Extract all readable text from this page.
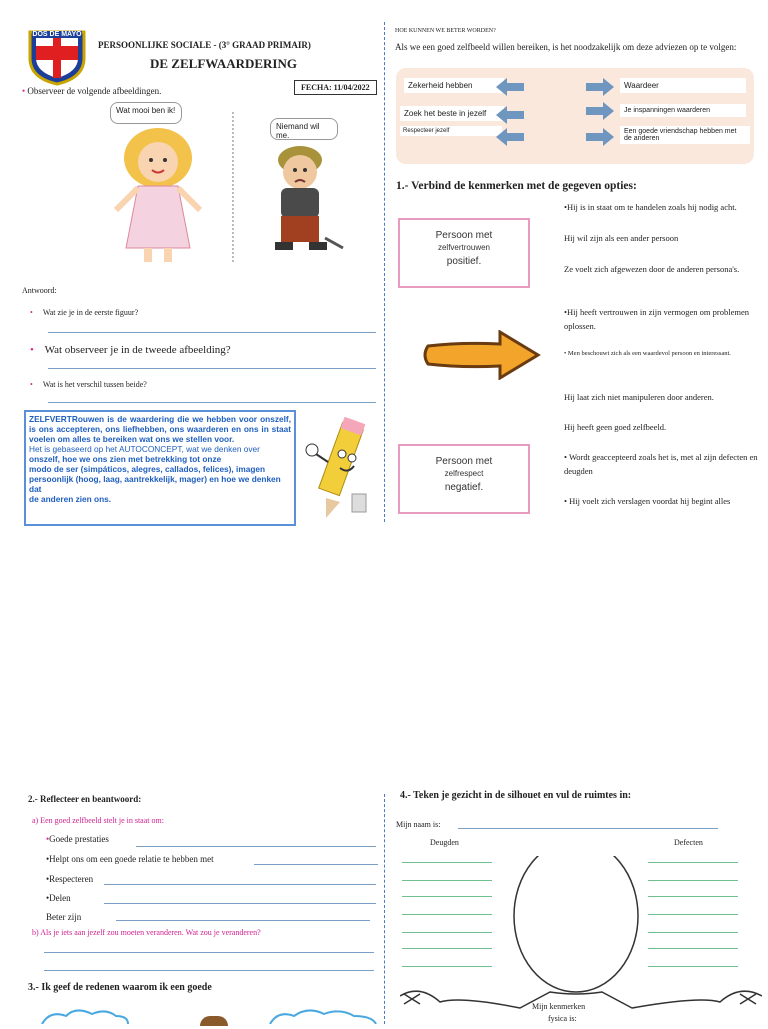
DOS DE MAYO
PERSOONLIJKE SOCIALE - (3° GRAAD PRIMAIR)
DE ZELFWAARDERING
• Observeer de volgende afbeeldingen.	FECHA: 11/04/2022
Wat mooi ben ik!
Niemand wil me.
Antwoord:
• Wat zie je in de eerste figuur?
• Wat observeer je in de tweede afbeelding?
• Wat is het verschil tussen beide?
ZELFVERTRouwen is de waardering die we hebben voor onszelf, is ons accepteren, ons liefhebben, ons waarderen en ons in staat voelen om alles te bereiken wat ons we stellen voor.
Het is gebaseerd op het AUTOCONCEPT, wat we denken over
onszelf, hoe we ons zien met betrekking tot onze
modo de ser (simpáticos, alegres, callados, felices), imagen
persoonlijk (hoog, laag, aantrekkelijk, mager) en hoe we denken dat
de anderen zien ons.
HOE KUNNEN WE BETER WORDEN?
Als we een goed zelfbeeld willen bereiken, is het noodzakelijk om deze adviezen op te volgen:
Zekerheid hebben
Zoek het beste in jezelf
Respecteer jezelf
Waardeer
Je inspanningen waarderen
Een goede vriendschap hebben met de anderen
1.- Verbind de kenmerken met de gegeven opties:
Persoon met
zelfvertrouwen
positief.
Persoon met
zelfrespect
negatief.
•Hij is in staat om te handelen zoals hij nodig acht.
Hij wil zijn als een ander persoon
Ze voelt zich afgewezen door de anderen persona's.
•Hij heeft vertrouwen in zijn vermogen om problemen oplossen.
• Men beschouwt zich als een waardevol persoon en interessant.
Hij laat zich niet manipuleren door anderen.
Hij heeft geen goed zelfbeeld.
• Wordt geaccepteerd zoals het is, met al zijn defecten en deugden
• Hij voelt zich verslagen voordat hij begint alles
2.- Reflecteer en beantwoord:
a) Een goed zelfbeeld stelt je in staat om:
•Goede prestaties
•Helpt ons om een goede relatie te hebben met
•Respecteren
•Delen
Beter zijn
b) Als je iets aan jezelf zou moeten veranderen. Wat zou je veranderen?
3.- Ik geef de redenen waarom ik een goede
4.- Teken je gezicht in de silhouet en vul de ruimtes in:
Mijn naam is:
Deugden	Defecten
Mijn kenmerken
fysica is:
